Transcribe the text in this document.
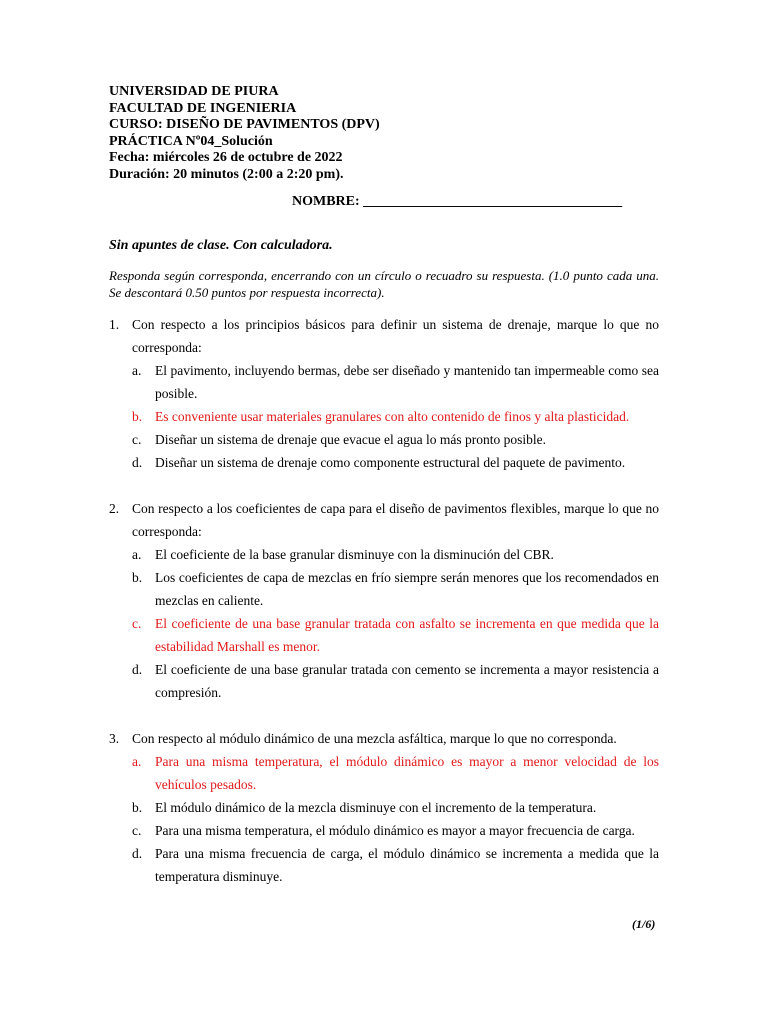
UNIVERSIDAD DE PIURA
FACULTAD DE INGENIERIA
CURSO: DISEÑO DE PAVIMENTOS (DPV)
PRÁCTICA Nº04_Solución
Fecha: miércoles 26 de octubre de 2022
Duración: 20 minutos (2:00 a 2:20 pm).
NOMBRE: _____________________________________
Sin apuntes de clase. Con calculadora.
Responda según corresponda, encerrando con un círculo o recuadro su respuesta. (1.0 punto cada una. Se descontará 0.50 puntos por respuesta incorrecta).
1. Con respecto a los principios básicos para definir un sistema de drenaje, marque lo que no corresponda:
a.	El pavimento, incluyendo bermas, debe ser diseñado y mantenido tan impermeable como sea posible.
b. Es conveniente usar materiales granulares con alto contenido de finos y alta plasticidad.
c.	Diseñar un sistema de drenaje que evacue el agua lo más pronto posible.
d. Diseñar un sistema de drenaje como componente estructural del paquete de pavimento.
2. Con respecto a los coeficientes de capa para el diseño de pavimentos flexibles, marque lo que no corresponda:
a.	El coeficiente de la base granular disminuye con la disminución del CBR.
b. Los coeficientes de capa de mezclas en frío siempre serán menores que los recomendados en mezclas en caliente.
c.	El coeficiente de una base granular tratada con asfalto se incrementa en que medida que la estabilidad Marshall es menor.
d. El coeficiente de una base granular tratada con cemento se incrementa a mayor resistencia a compresión.
3. Con respecto al módulo dinámico de una mezcla asfáltica, marque lo que no corresponda.
a.	Para una misma temperatura, el módulo dinámico es mayor a menor velocidad de los vehículos pesados.
b. El módulo dinámico de la mezcla disminuye con el incremento de la temperatura.
c.	Para una misma temperatura, el módulo dinámico es mayor a mayor frecuencia de carga.
d. Para una misma frecuencia de carga, el módulo dinámico se incrementa a medida que la temperatura disminuye.
(1/6)
